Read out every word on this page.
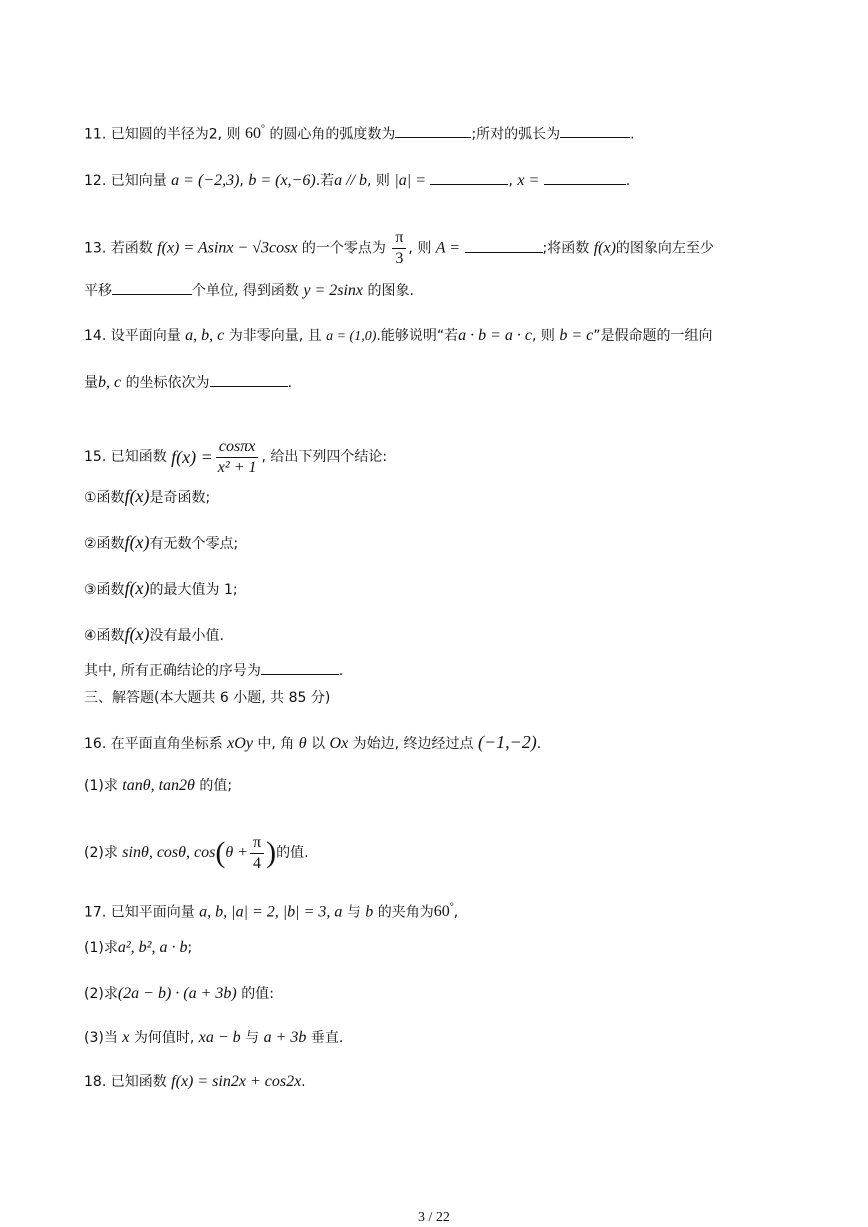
11. 已知圆的半径为2, 则 60° 的圆心角的弧度数为	;所对的弧长为	.
12. 已知向量 a = (−2,3), b = (x,−6).若a // b, 则 |a| =	, x =	.
13. 若函数 f(x) = Asinx − √3cosx 的一个零点为 $\frac{\pi}{3}$ , 则 A =	;将函数 f(x)的图象向左至少
平移	个单位, 得到函数 y = 2sinx 的图象.
14. 设平面向量 a, b, c 为非零向量, 且 a = (1,0).能够说明“若a · b = a · c, 则 b = c”是假命题的一组向
量b, c 的坐标依次为	.
15. 已知函数 $f(x) = \frac{\cos\pi x}{\text{x² + 1}}$ , 给出下列四个结论:
①函数f(x)是奇函数;
②函数f(x)有无数个零点;
③函数f(x)的最大值为 1;
④函数f(x)没有最小值.
其中, 所有正确结论的序号为	.
三、解答题(本大题共 6 小题, 共 85 分)
16. 在平面直角坐标系 xOy 中, 角 θ 以 Ox 为始边, 终边经过点 (−1,−2).
(1)求 tanθ, tan2θ 的值;
(2)求 sinθ, cosθ, $\cos(\theta + \frac{\pi}{4}$ )的值.
17. 已知平面向量 a, b, |a| = 2, |b| = 3, a 与 b 的夹角为60°,
(1)求a², b², a · b;
(2)求(2a − b) · (a + 3b) 的值:
(3)当 x 为何值时, xa − b 与 a + 3b 垂直.
18. 已知函数 f(x) = sin2x + cos2x.
3 / 22
